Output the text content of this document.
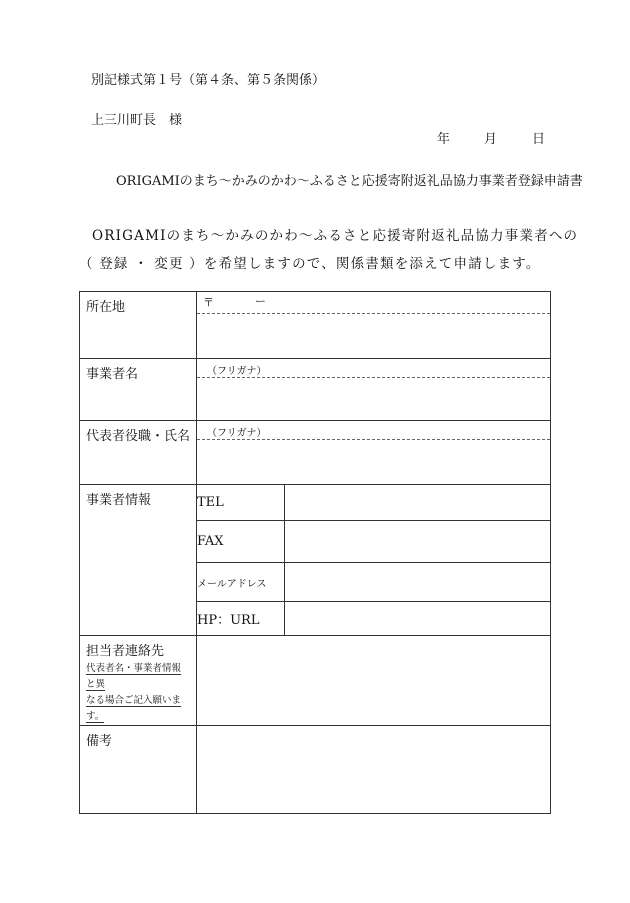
別記様式第１号（第４条、第５条関係）
上三川町長　様
年	月	日
ORIGAMIのまち〜かみのかわ〜ふるさと応援寄附返礼品協力事業者登録申請書
ORIGAMIのまち〜かみのかわ〜ふるさと応援寄附返礼品協力事業者への
（ 登録 ・ 変更 ）を希望しますので、関係書類を添えて申請します。
所在地	〒 ー	

事業者名	（フリガナ）	

代表者役職・氏名	（フリガナ）	

事業者情報	TEL	
	FAX	
	メールアドレス	
	HP：URL	

担当者連絡先
代表者名・事業者情報と異
なる場合ご記入願います。		

備考		
